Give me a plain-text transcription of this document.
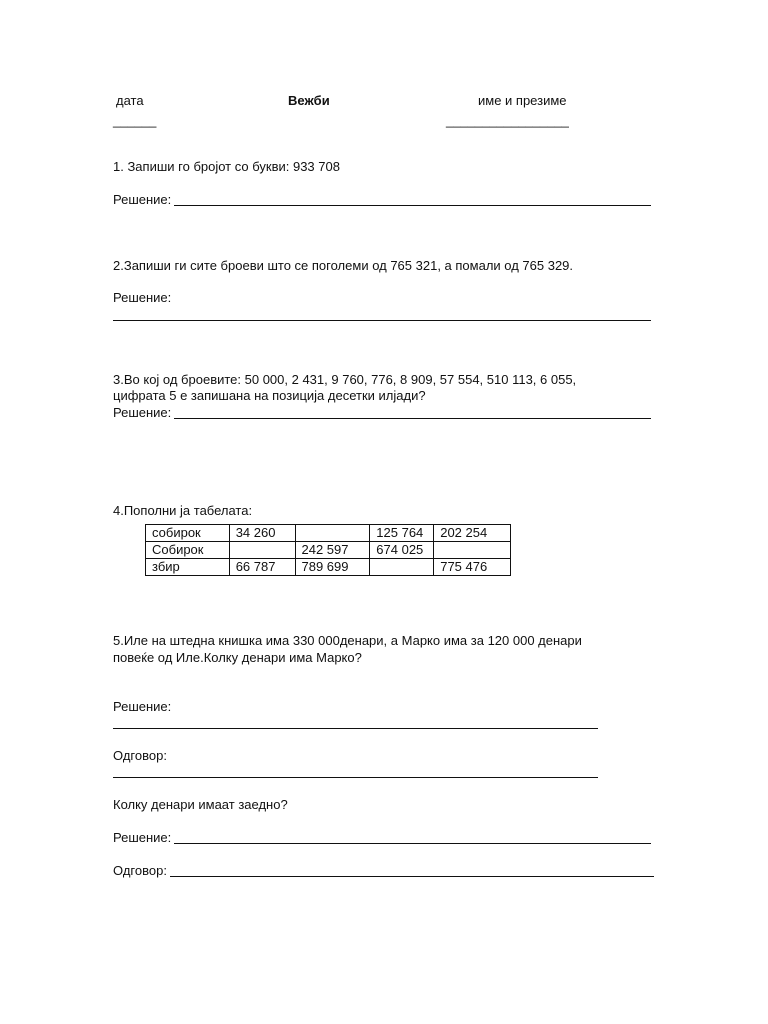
дата	Вежби	име и презиме
______	_________________
1. Запиши го бројот со букви: 933 708
Решение:
2.Запиши ги сите броеви што се поголеми од 765 321, а помали од 765 329.
Решение:
3.Во кој од броевите: 50 000, 2 431, 9 760, 776, 8 909, 57 554, 510 113, 6 055,
цифрата 5 е запишана на позиција десетки илјади?
Решение:
4.Пополни ја табелата:
собирок	34 260		125 764	202 254
Собирок		242 597	674 025	
збир	66 787	789 699		775 476
5.Иле на штедна книшка има 330 000денари, а Марко има за 120 000 денари
повеќе од Иле.Колку денари има Марко?
Решение:
Одговор:
Колку денари имаат заедно?
Решение:
Одговор:
